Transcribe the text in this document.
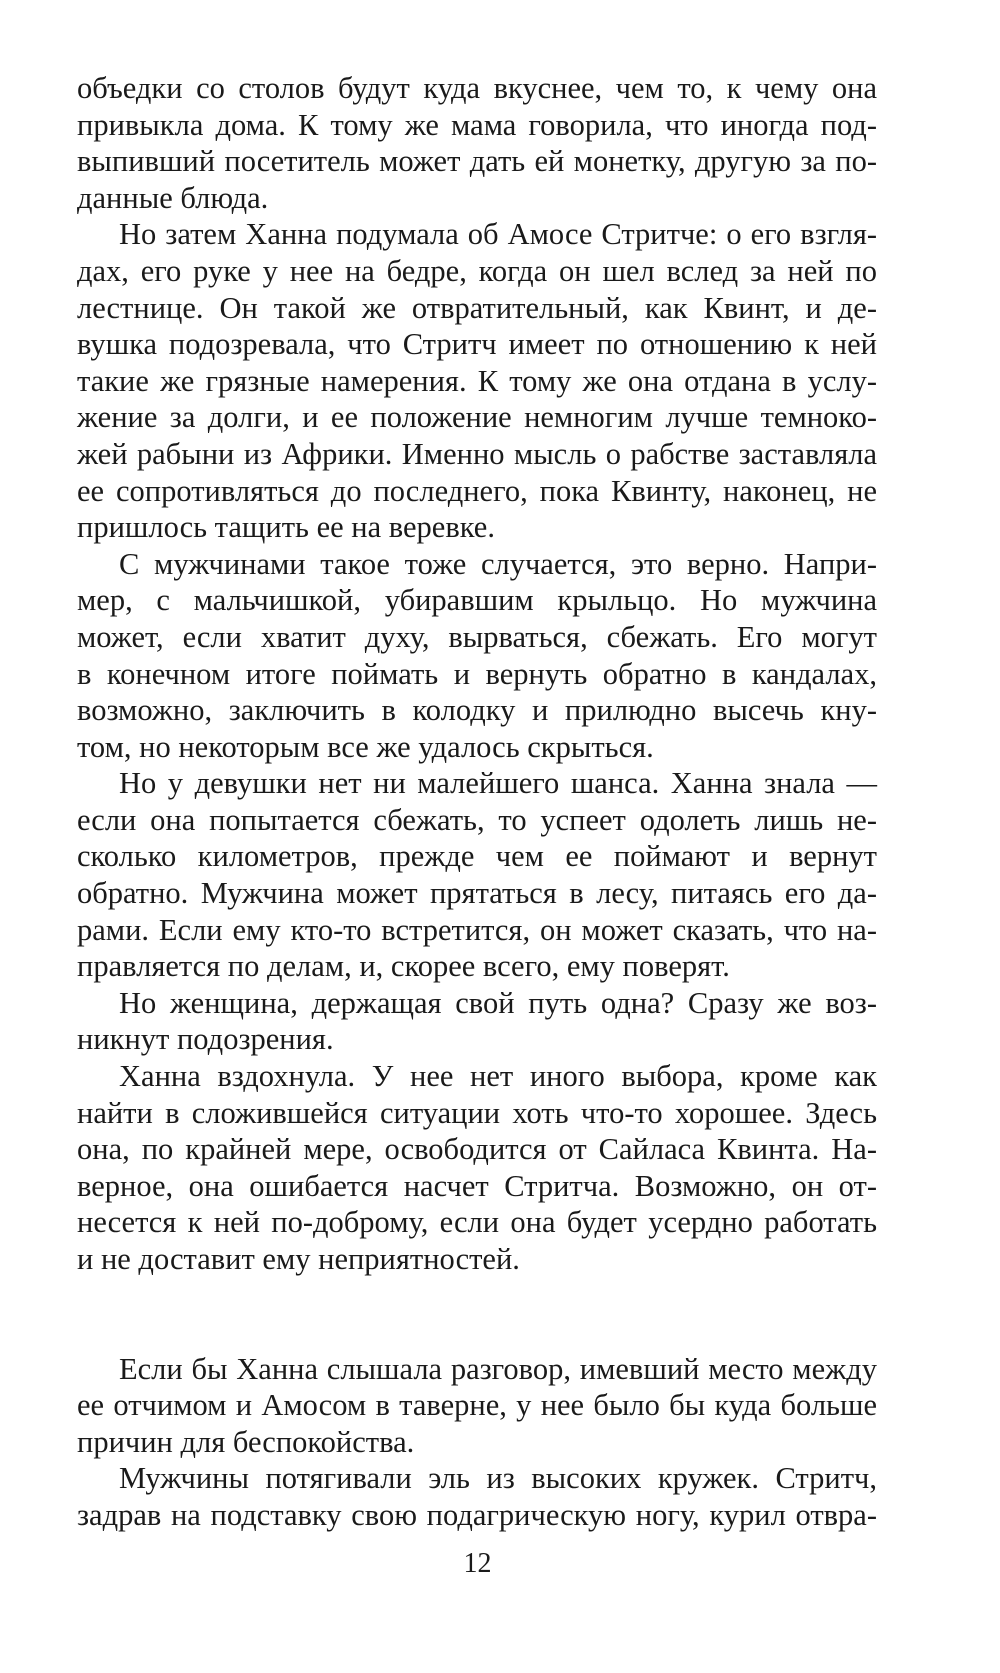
объедки со столов будут куда вкуснее, чем то, к чему она
привыкла дома. К тому же мама говорила, что иногда под-
выпивший посетитель может дать ей монетку, другую за по-
данные блюда.

Но затем Ханна подумала об Амосе Стритче: о его взгля-
дах, его руке у нее на бедре, когда он шел вслед за ней по
лестнице. Он такой же отвратительный, как Квинт, и де-
вушка подозревала, что Стритч имеет по отношению к ней
такие же грязные намерения. К тому же она отдана в услу-
жение за долги, и ее положение немногим лучше темноко-
жей рабыни из Африки. Именно мысль о рабстве заставляла
ее сопротивляться до последнего, пока Квинту, наконец, не
пришлось тащить ее на веревке.

С мужчинами такое тоже случается, это верно. Напри-
мер, с мальчишкой, убиравшим крыльцо. Но мужчина
может, если хватит духу, вырваться, сбежать. Его могут
в конечном итоге поймать и вернуть обратно в кандалах,
возможно, заключить в колодку и прилюдно высечь кну-
том, но некоторым все же удалось скрыться.

Но у девушки нет ни малейшего шанса. Ханна знала —
если она попытается сбежать, то успеет одолеть лишь не-
сколько километров, прежде чем ее поймают и вернут
обратно. Мужчина может прятаться в лесу, питаясь его да-
рами. Если ему кто-то встретится, он может сказать, что на-
правляется по делам, и, скорее всего, ему поверят.

Но женщина, держащая свой путь одна? Сразу же воз-
никнут подозрения.

Ханна вздохнула. У нее нет иного выбора, кроме как
найти в сложившейся ситуации хоть что-то хорошее. Здесь
она, по крайней мере, освободится от Сайласа Квинта. На-
верное, она ошибается насчет Стритча. Возможно, он от-
несется к ней по-доброму, если она будет усердно работать
и не доставит ему неприятностей.

Если бы Ханна слышала разговор, имевший место между
ее отчимом и Амосом в таверне, у нее было бы куда больше
причин для беспокойства.

Мужчины потягивали эль из высоких кружек. Стритч,
задрав на подставку свою подагрическую ногу, курил отвра-

12
